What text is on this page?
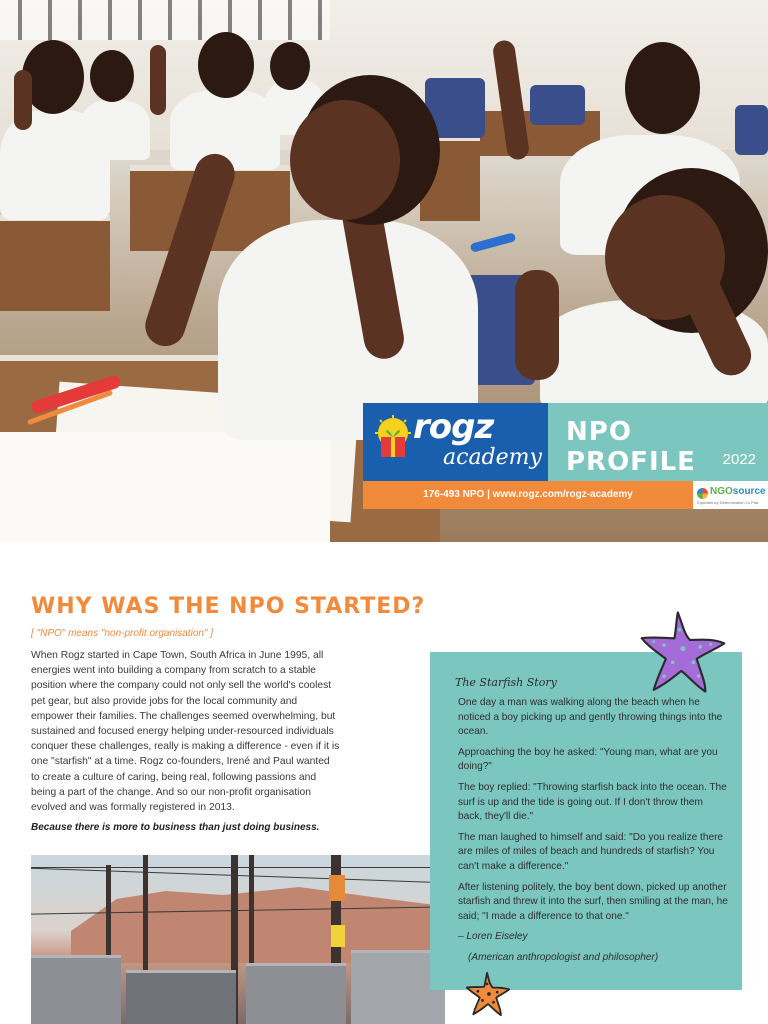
rogz
academy
NPO PROFILE	2022
176-493 NPO | www.rogz.com/rogz-academy	NGOsource
Equivalency Determination Lo Plat
WHY WAS THE NPO STARTED?
[ "NPO" means "non-profit organisation" ]

When Rogz started in Cape Town, South Africa in June 1995, all energies went into building a company from scratch to a stable position where the company could not only sell the world's coolest pet gear, but also provide jobs for the local community and empower their families. The challenges seemed overwhelming, but sustained and focused energy helping under-resourced individuals conquer these challenges, really is making a difference - even if it is one "starfish" at a time. Rogz co-founders, Irené and Paul wanted to create a culture of caring, being real, following passions and being a part of the change. And so our non-profit organisation evolved and was formally registered in 2013.

Because there is more to business than just doing business.
The Starfish Story

One day a man was walking along the beach when he noticed a boy picking up and gently throwing things into the ocean.

Approaching the boy he asked: "Young man, what are you doing?"

The boy replied: "Throwing starfish back into the ocean. The surf is up and the tide is going out. If I don't throw them back, they'll die."

The man laughed to himself and said: "Do you realize there are miles of miles of beach and hundreds of starfish? You can't make a difference."

After listening politely, the boy bent down, picked up another starfish and threw it into the surf, then smiling at the man, he said; "I made a difference to that one."

– Loren Eiseley

(American anthropologist and philosopher)
